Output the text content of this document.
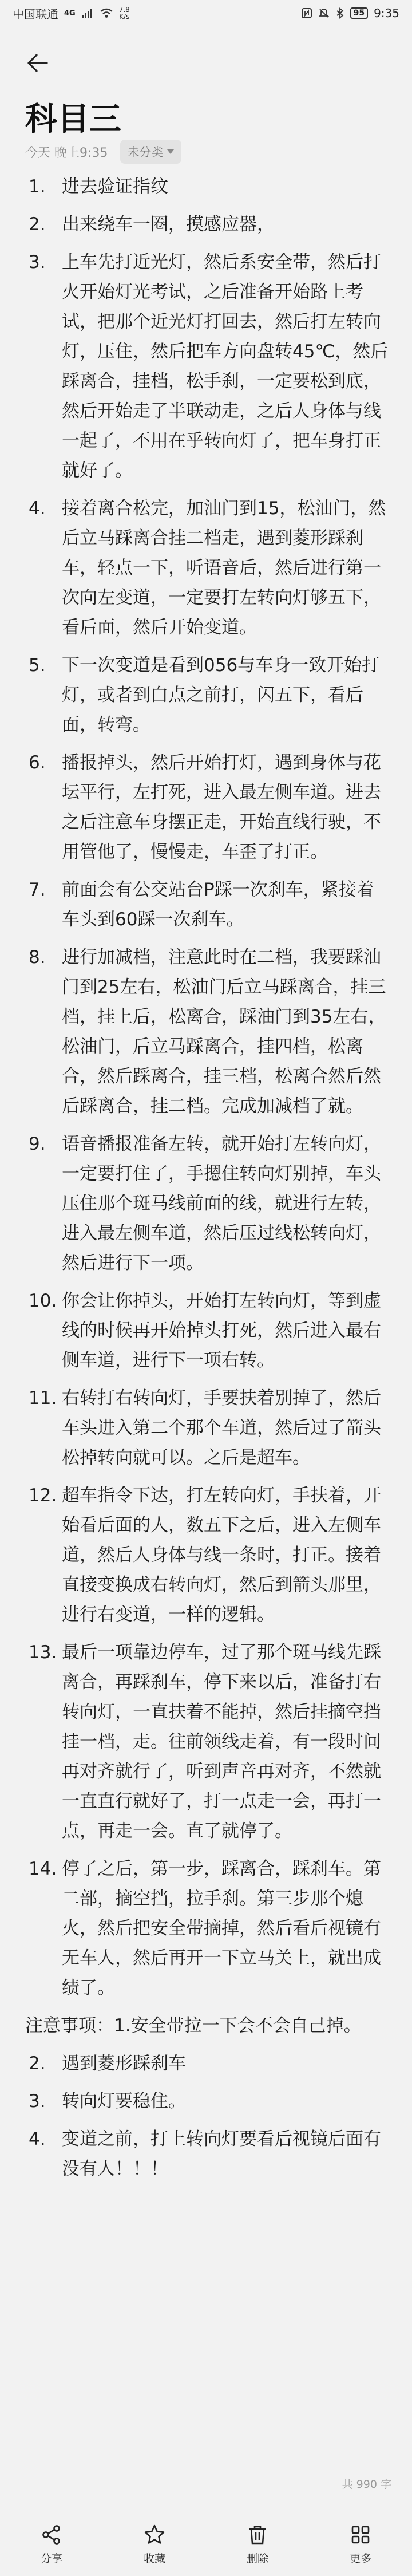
中国联通 4G	7.8
K/s	95 9:35
科目三
今天 晚上9:35 未分类
1. 进去验证指纹
2. 出来绕车一圈，摸感应器，
3. 上车先打近光灯，然后系安全带，然后打火开始灯光考试，之后准备开始路上考试，把那个近光灯打回去，然后打左转向灯，压住，然后把车方向盘转45℃，然后踩离合，挂档，松手刹，一定要松到底，然后开始走了半联动走，之后人身体与线一起了，不用在乎转向灯了，把车身打正就好了。
4. 接着离合松完，加油门到15，松油门，然后立马踩离合挂二档走，遇到菱形踩刹车，轻点一下，听语音后，然后进行第一次向左变道，一定要打左转向灯够五下，看后面，然后开始变道。
5. 下一次变道是看到056与车身一致开始打灯，或者到白点之前打，闪五下，看后面，转弯。
6. 播报掉头，然后开始打灯，遇到身体与花坛平行，左打死，进入最左侧车道。进去之后注意车身摆正走，开始直线行驶，不用管他了，慢慢走，车歪了打正。
7. 前面会有公交站台P踩一次刹车，紧接着车头到60踩一次刹车。
8. 进行加减档，注意此时在二档，我要踩油门到25左右，松油门后立马踩离合，挂三档，挂上后，松离合，踩油门到35左右，松油门，后立马踩离合，挂四档，松离合，然后踩离合，挂三档，松离合然后然后踩离合，挂二档。完成加减档了就。
9. 语音播报准备左转，就开始打左转向灯，一定要打住了，手摁住转向灯别掉，车头压住那个斑马线前面的线，就进行左转，进入最左侧车道，然后压过线松转向灯，然后进行下一项。
10. 你会让你掉头，开始打左转向灯，等到虚线的时候再开始掉头打死，然后进入最右侧车道，进行下一项右转。
11. 右转打右转向灯，手要扶着别掉了，然后车头进入第二个那个车道，然后过了箭头松掉转向就可以。之后是超车。
12. 超车指令下达，打左转向灯，手扶着，开始看后面的人，数五下之后，进入左侧车道，然后人身体与线一条时，打正。接着直接变换成右转向灯，然后到箭头那里，进行右变道，一样的逻辑。
13. 最后一项靠边停车，过了那个斑马线先踩离合，再踩刹车，停下来以后，准备打右转向灯，一直扶着不能掉，然后挂摘空挡挂一档，走。往前领线走着，有一段时间再对齐就行了，听到声音再对齐，不然就一直直行就好了，打一点走一会，再打一点，再走一会。直了就停了。
14. 停了之后，第一步，踩离合，踩刹车。第二部，摘空挡，拉手刹。第三步那个熄火，然后把安全带摘掉，然后看后视镜有无车人，然后再开一下立马关上，就出成绩了。
注意事项：1.安全带拉一下会不会自己掉。
2. 遇到菱形踩刹车
3. 转向灯要稳住。
4. 变道之前，打上转向灯要看后视镜后面有没有人！！！
共 990 字
分享	收藏	删除	更多
